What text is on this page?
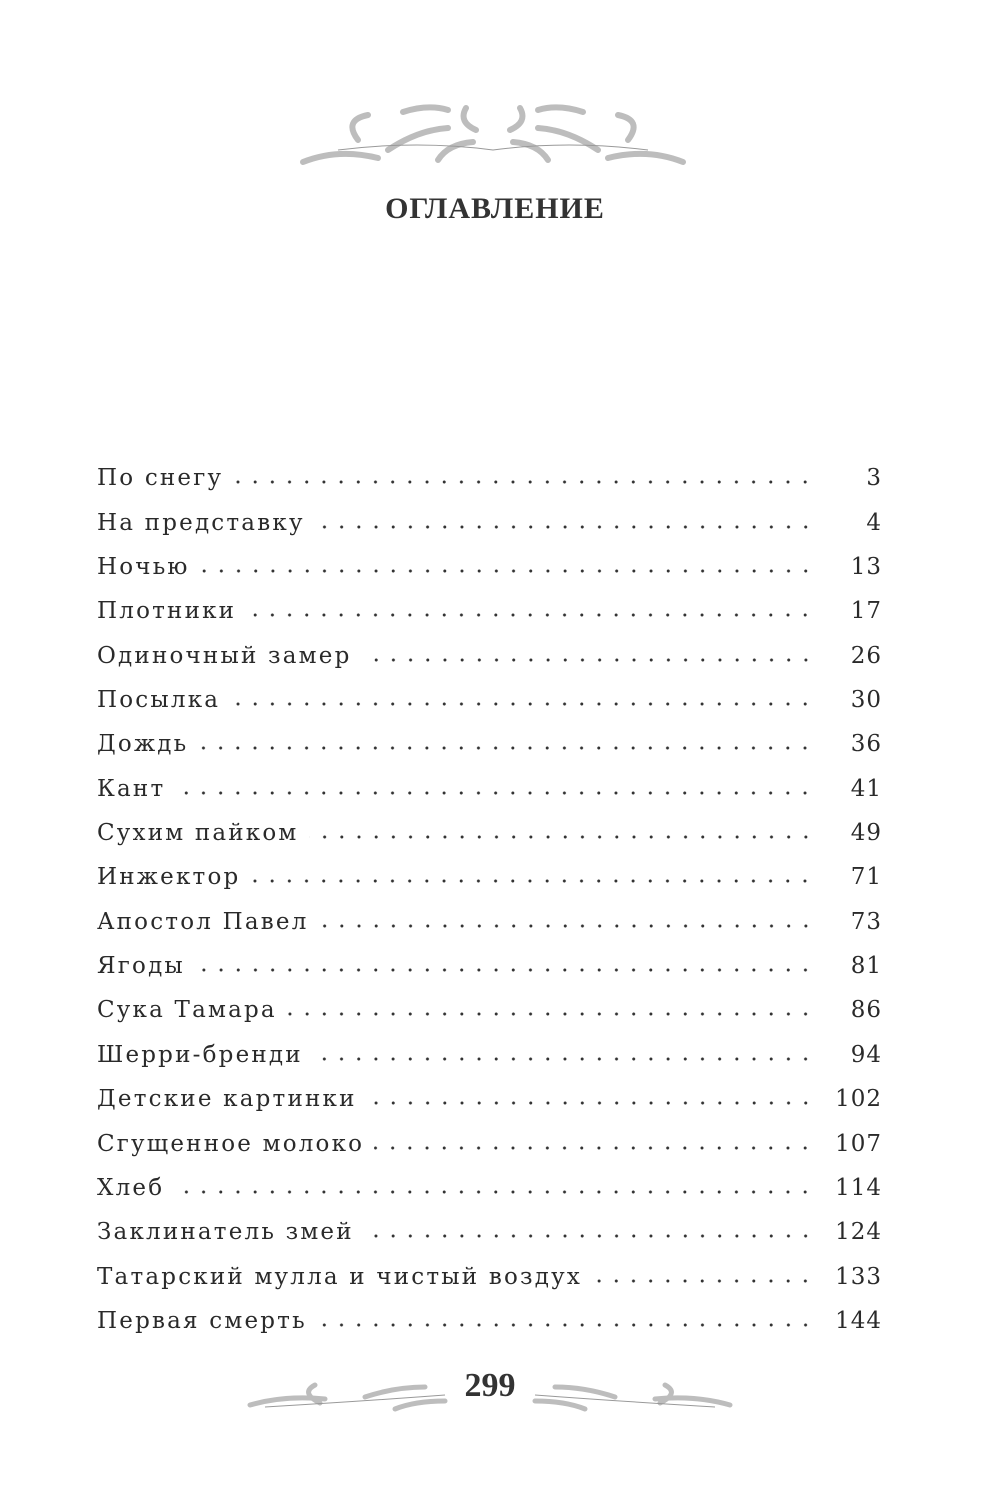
ОГЛАВЛЕНИЕ
По снегу	3
На представку	4
Ночью	13
Плотники	17
Одиночный замер	26
Посылка	30
Дождь	36
Кант	41
Сухим пайком	49
Инжектор	71
Апостол Павел	73
Ягоды	81
Сука Тамара	86
Шерри-бренди	94
Детские картинки	102
Сгущенное молоко	107
Хлеб	114
Заклинатель змей	124
Татарский мулла и чистый воздух	133
Первая смерть	144
299
